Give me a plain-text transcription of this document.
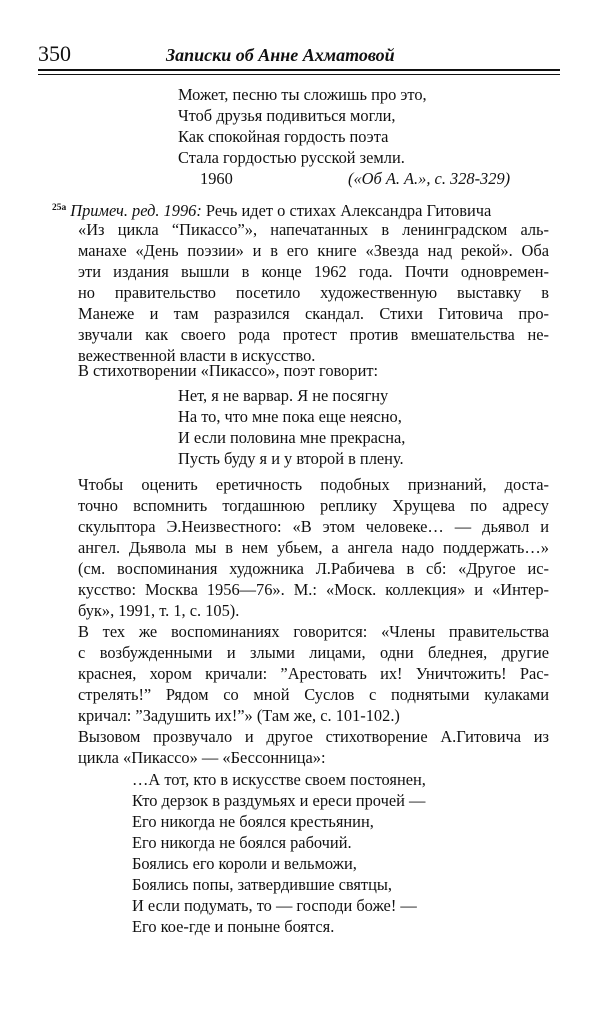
350	Записки об Анне Ахматовой
Может, песню ты сложишь про это,
Чтоб друзья подивиться могли,
Как спокойная гордость поэта
Стала гордостью русской земли.
1960	(«Об А. А.», с. 328-329)
$^{25а}$ Примеч. ред. 1996: Речь идет о стихах Александра Гитовича
«Из цикла “Пикассо”», напечатанных в ленинградском аль-
манахе «День поэзии» и в его книге «Звезда над рекой». Оба
эти издания вышли в конце 1962 года. Почти одновремен-
но правительство посетило художественную выставку в
Манеже и там разразился скандал. Стихи Гитовича про-
звучали как своего рода протест против вмешательства не-
вежественной власти в искусство.
В стихотворении «Пикассо», поэт говорит:
Нет, я не варвар. Я не посягну
На то, что мне пока еще неясно,
И если половина мне прекрасна,
Пусть буду я и у второй в плену.
Чтобы оценить еретичность подобных признаний, доста-
точно вспомнить тогдашнюю реплику Хрущева по адресу
скульптора Э.Неизвестного: «В этом человеке… — дьявол и
ангел. Дьявола мы в нем убьем, а ангела надо поддержать…»
(см. воспоминания художника Л.Рабичева в сб: «Другое ис-
кусство: Москва 1956—76». М.: «Моск. коллекция» и «Интер-
бук», 1991, т. 1, с. 105).
В тех же воспоминаниях говорится: «Члены правительства
с возбужденными и злыми лицами, одни бледнея, другие
краснея, хором кричали: ”Арестовать их! Уничтожить! Рас-
стрелять!” Рядом со мной Суслов с поднятыми кулаками
кричал: ”Задушить их!”» (Там же, с. 101-102.)
Вызовом прозвучало и другое стихотворение А.Гитовича из
цикла «Пикассо» — «Бессонница»:
…А тот, кто в искусстве своем постоянен,
Кто дерзок в раздумьях и ереси прочей —
Его никогда не боялся крестьянин,
Его никогда не боялся рабочий.
Боялись его короли и вельможи,
Боялись попы, затвердившие святцы,
И если подумать, то — господи боже! —
Его кое-где и поныне боятся.
